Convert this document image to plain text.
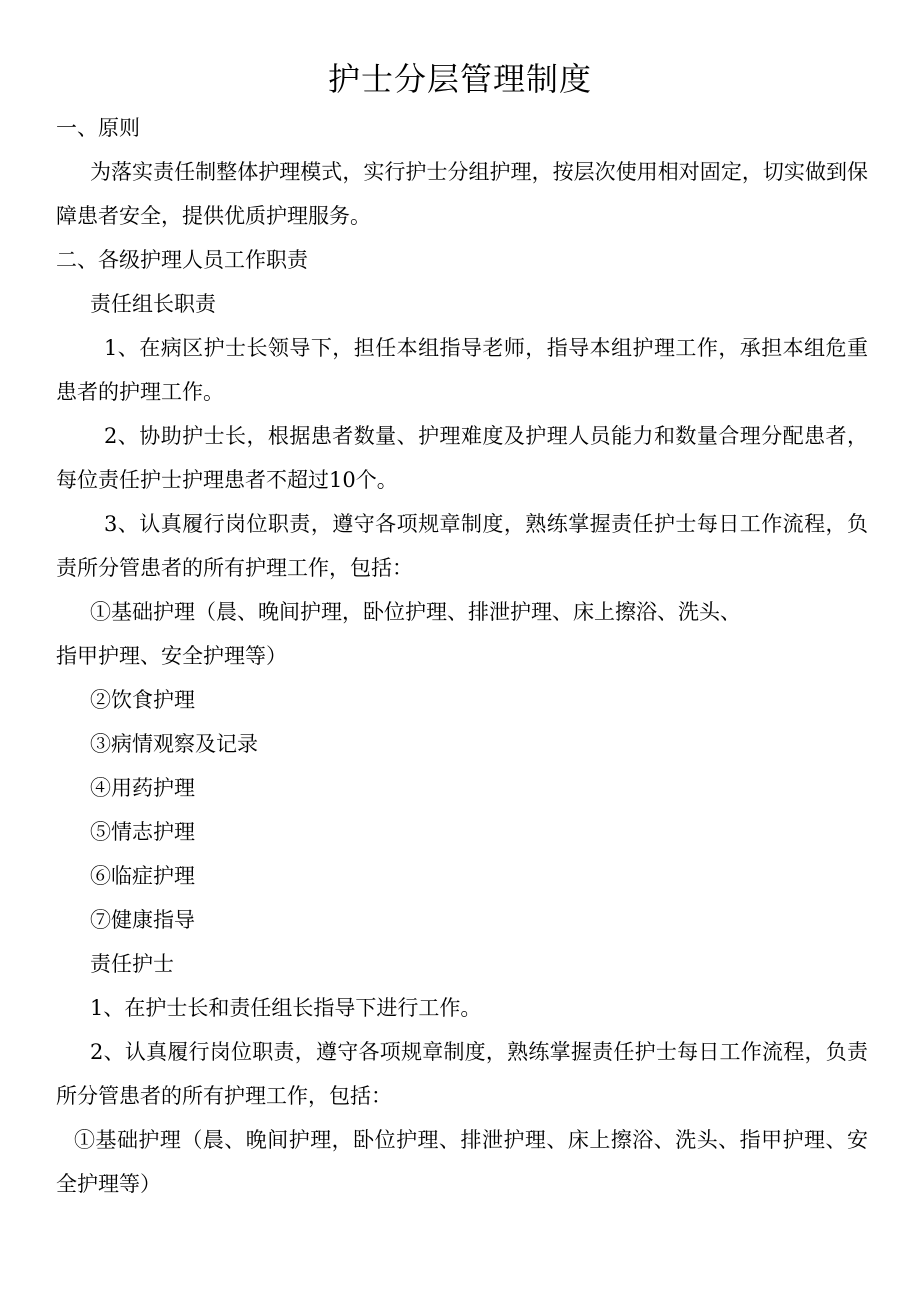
护士分层管理制度

一、原则

为落实责任制整体护理模式，实行护士分组护理，按层次使用相对固定，切实做到保障患者安全，提供优质护理服务。

二、各级护理人员工作职责

责任组长职责

1、在病区护士长领导下，担任本组指导老师，指导本组护理工作，承担本组危重患者的护理工作。

2、协助护士长，根据患者数量、护理难度及护理人员能力和数量合理分配患者，每位责任护士护理患者不超过10个。

3、认真履行岗位职责，遵守各项规章制度，熟练掌握责任护士每日工作流程，负责所分管患者的所有护理工作，包括：

①基础护理（晨、晚间护理，卧位护理、排泄护理、床上擦浴、洗头、

指甲护理、安全护理等）

②饮食护理

③病情观察及记录

④用药护理

⑤情志护理

⑥临症护理

⑦健康指导

责任护士

1、在护士长和责任组长指导下进行工作。

2、认真履行岗位职责，遵守各项规章制度，熟练掌握责任护士每日工作流程，负责所分管患者的所有护理工作，包括：

①基础护理（晨、晚间护理，卧位护理、排泄护理、床上擦浴、洗头、指甲护理、安全护理等）
